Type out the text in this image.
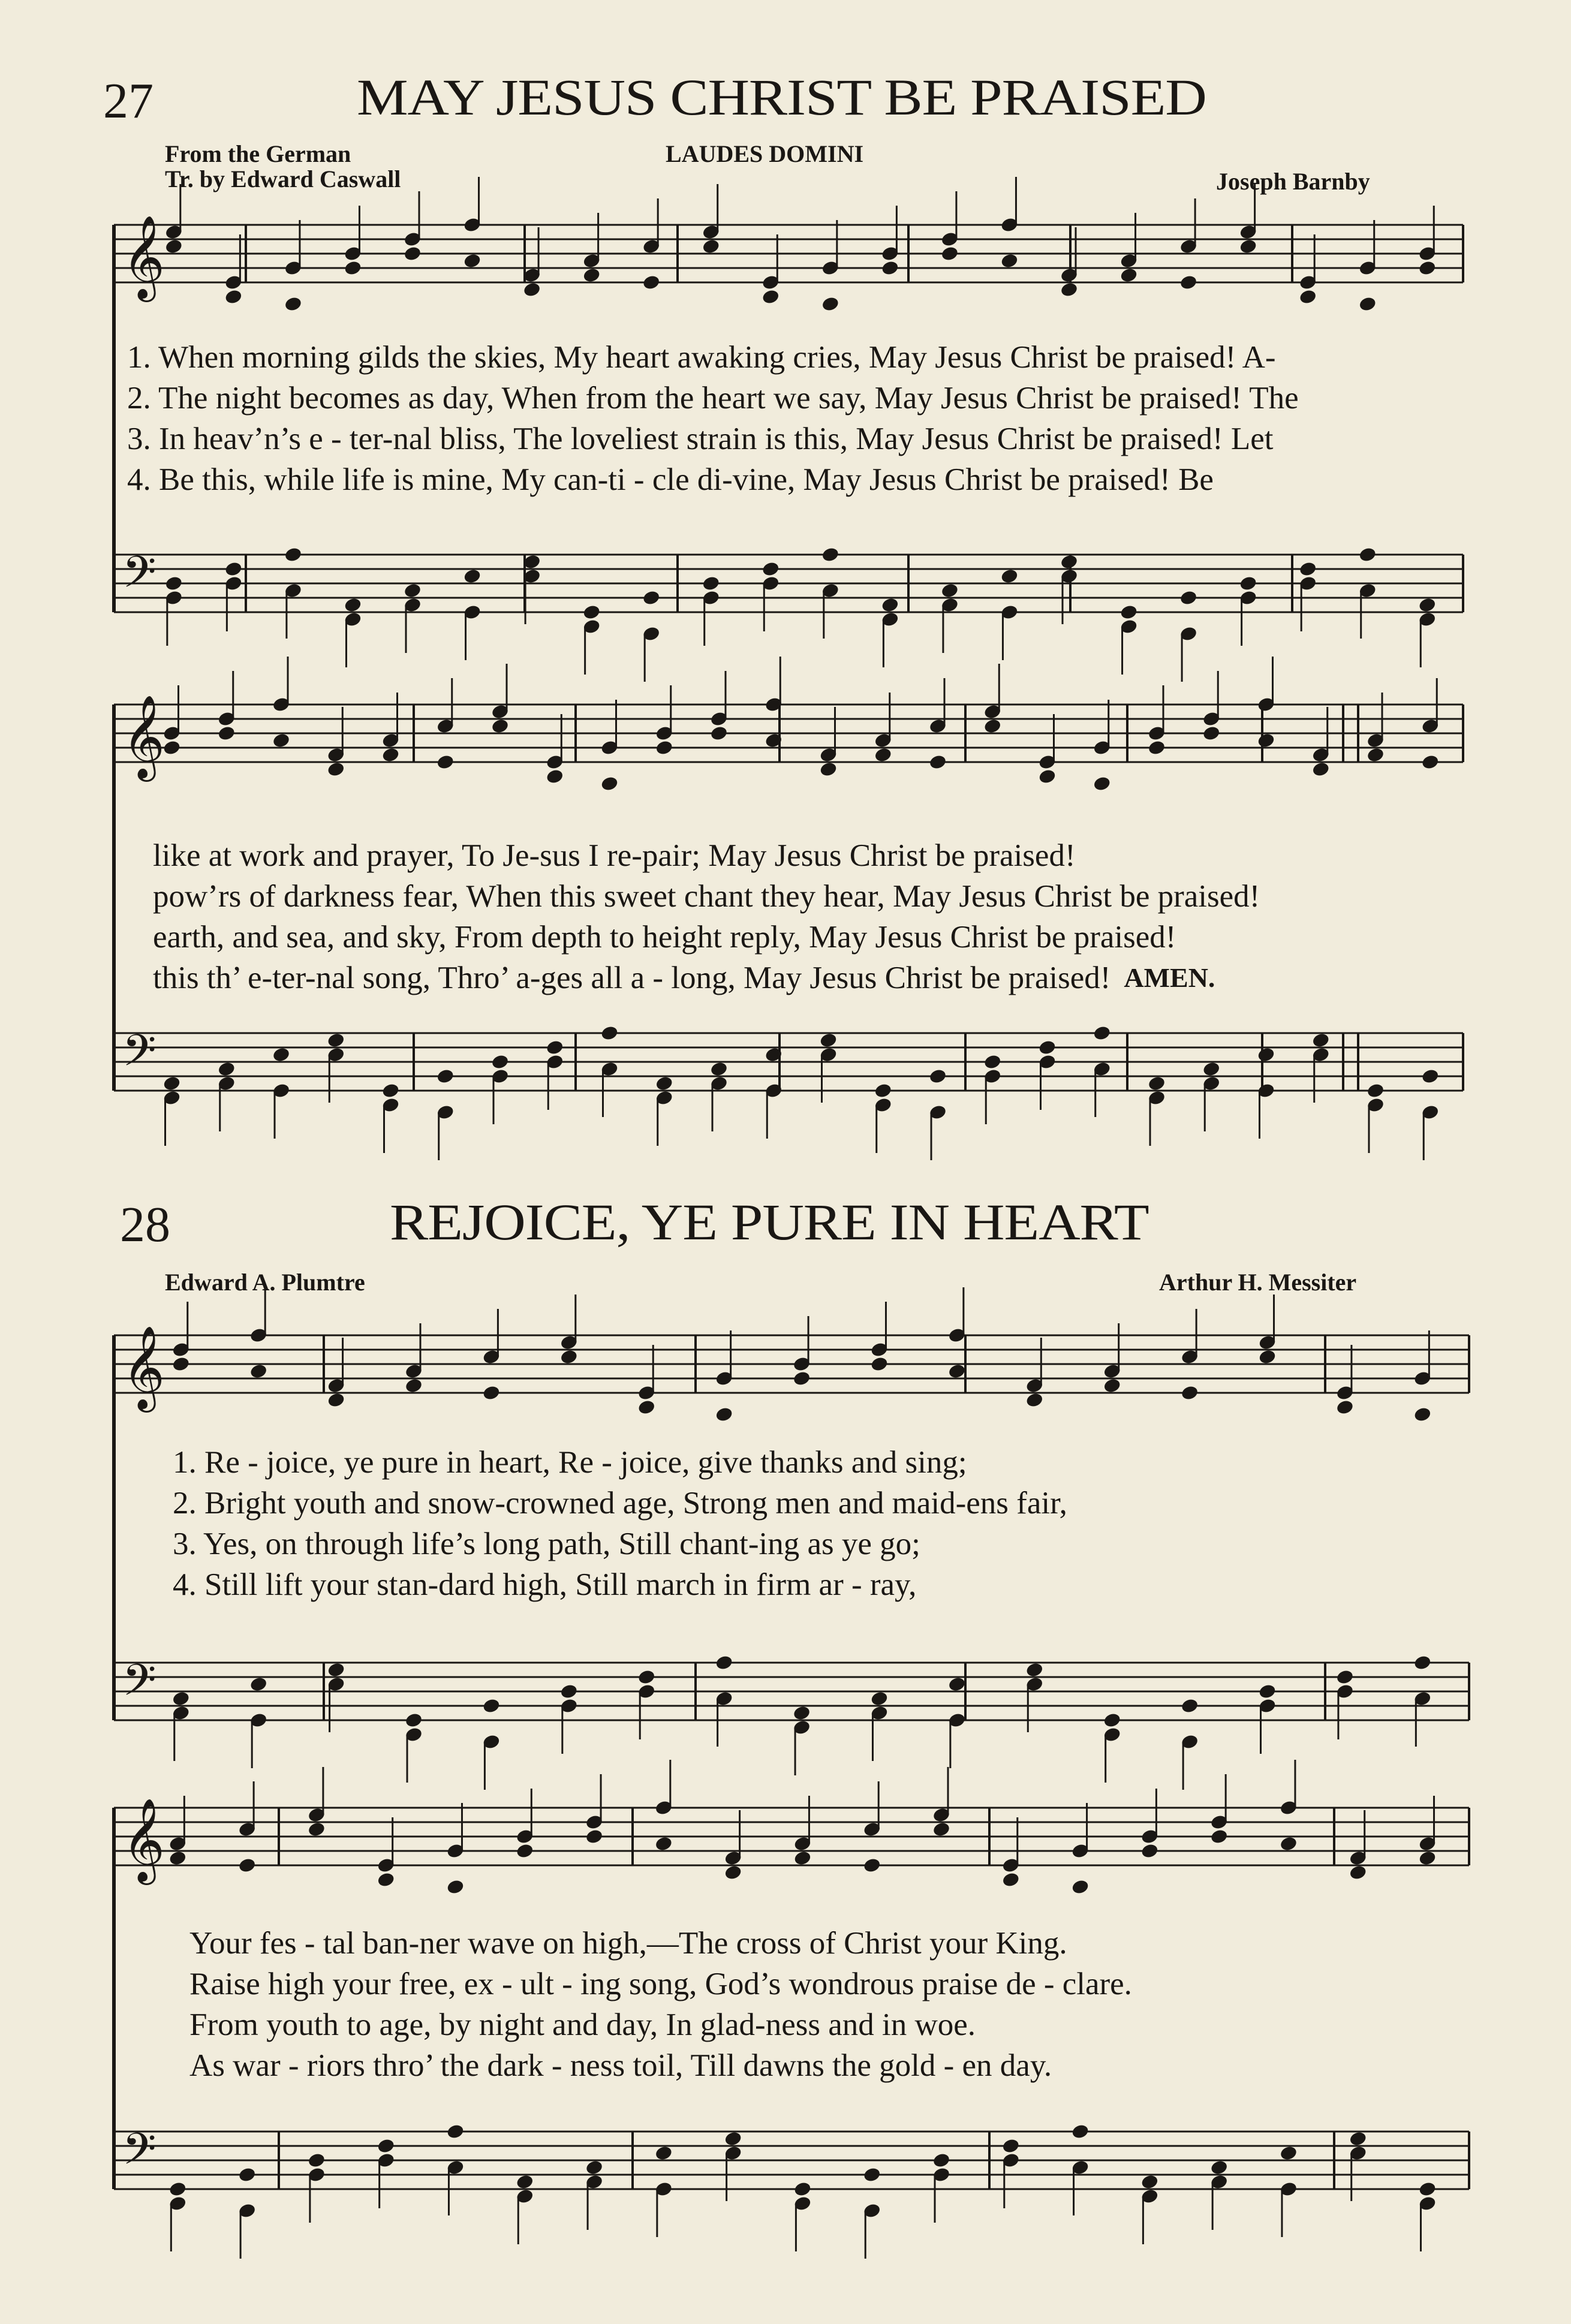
𝄞
𝄢
𝄞
𝄢
𝄞
𝄢
𝄞
𝄢
27	MAY JESUS CHRIST BE PRAISED
From the German
Tr. by Edward Caswall
LAUDES DOMINI
Joseph Barnby
1. When morning gilds the skies, My heart awaking cries, May Jesus Christ be praised! A-
2. The night becomes as day, When from the heart we say, May Jesus Christ be praised! The
3. In heav’n’s e - ter-nal bliss, The loveliest strain is this, May Jesus Christ be praised! Let
4. Be this, while life is mine, My can-ti - cle di-vine, May Jesus Christ be praised! Be
like at work and prayer, To Je-sus I re-pair; May Jesus Christ be praised!
pow’rs of darkness fear, When this sweet chant they hear, May Jesus Christ be praised!
earth, and sea, and sky, From depth to height reply, May Jesus Christ be praised!
this th’ e-ter-nal song, Thro’ a-ges all a - long, May Jesus Christ be praised! AMEN.
28	REJOICE, YE PURE IN HEART
Edward A. Plumtre	Arthur H. Messiter
1. Re - joice, ye pure in heart, Re - joice, give thanks and sing;
2. Bright youth and snow-crowned age, Strong men and maid-ens fair,
3. Yes, on through life’s long path, Still chant-ing as ye go;
4. Still lift your stan-dard high, Still march in firm ar - ray,
Your fes - tal ban-ner wave on high,—The cross of Christ your King.
Raise high your free, ex - ult - ing song, God’s wondrous praise de - clare.
From youth to age, by night and day, In glad-ness and in woe.
As war - riors thro’ the dark - ness toil, Till dawns the gold - en day.
